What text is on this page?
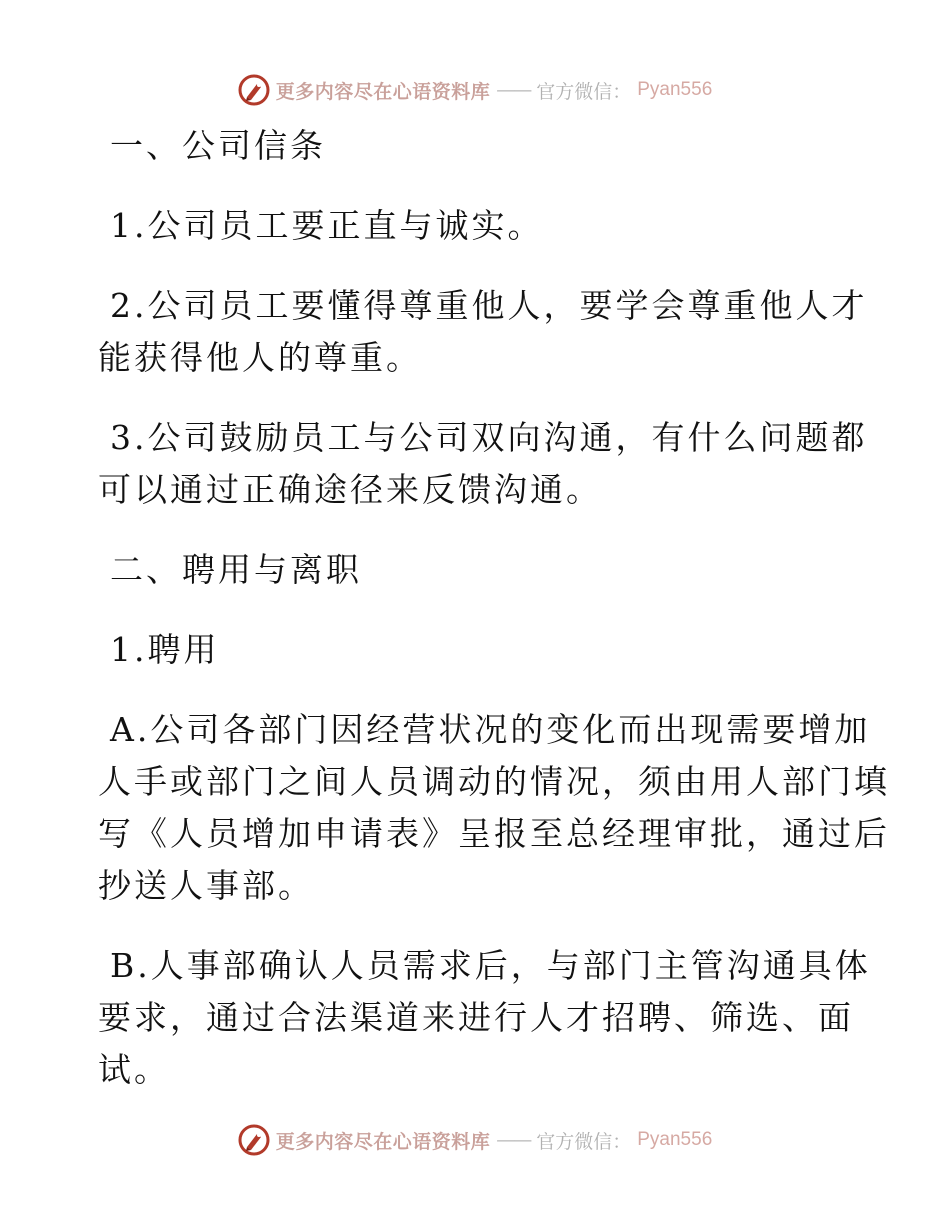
更多内容尽在心语资料库 —— 官方微信： Pyan556
一、公司信条
1.公司员工要正直与诚实。
2.公司员工要懂得尊重他人，要学会尊重他人才
能获得他人的尊重。
3.公司鼓励员工与公司双向沟通，有什么问题都
可以通过正确途径来反馈沟通。
二、聘用与离职
1.聘用
A.公司各部门因经营状况的变化而出现需要增加
人手或部门之间人员调动的情况，须由用人部门填
写《人员增加申请表》呈报至总经理审批，通过后
抄送人事部。
B.人事部确认人员需求后，与部门主管沟通具体
要求，通过合法渠道来进行人才招聘、筛选、面
试。
更多内容尽在心语资料库 —— 官方微信： Pyan556
